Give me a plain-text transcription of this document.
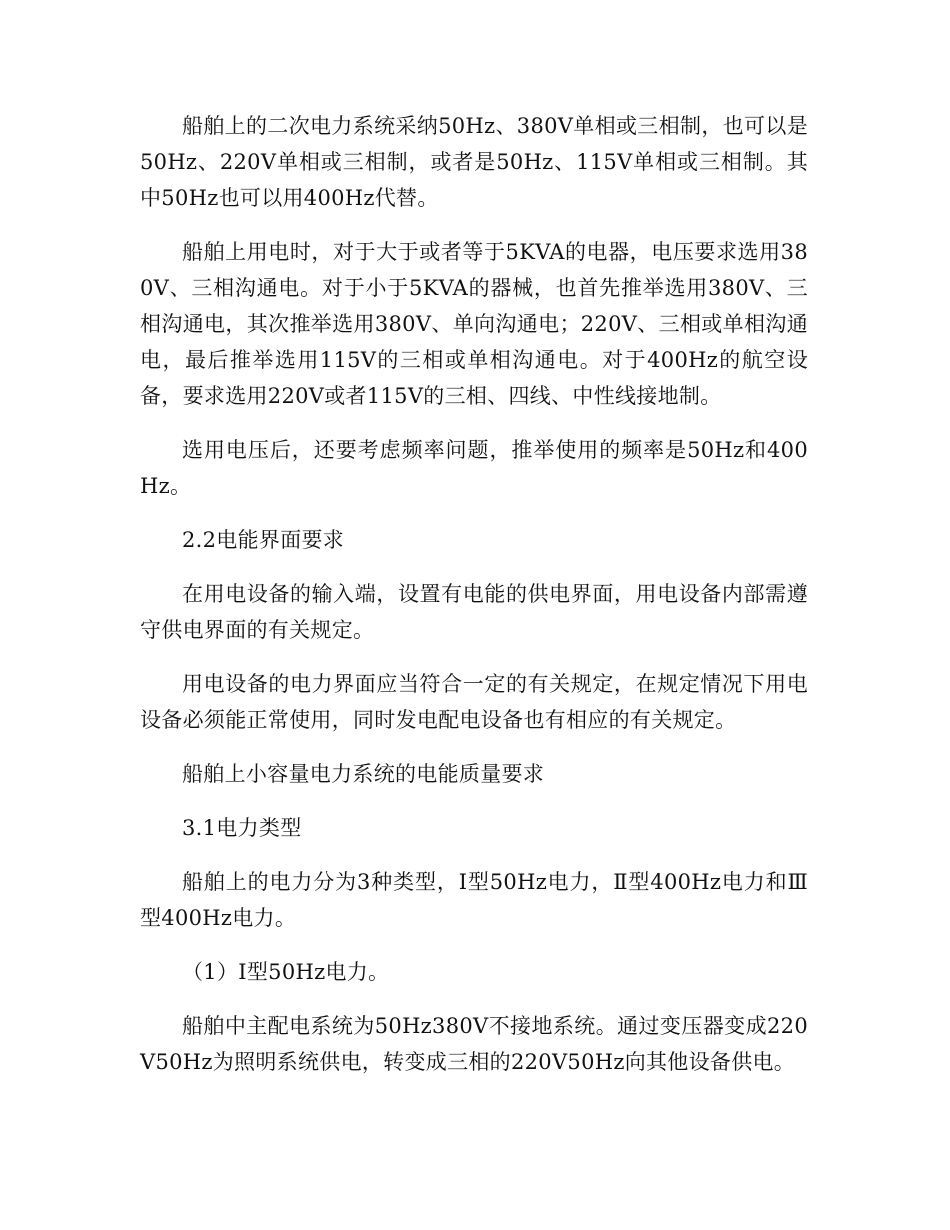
船舶上的二次电力系统采纳50Hz、380V单相或三相制，也可以是50Hz、220V单相或三相制，或者是50Hz、115V单相或三相制。其中50Hz也可以用400Hz代替。

船舶上用电时，对于大于或者等于5KVA的电器，电压要求选用380V、三相沟通电。对于小于5KVA的器械，也首先推举选用380V、三相沟通电，其次推举选用380V、单向沟通电；220V、三相或单相沟通电，最后推举选用115V的三相或单相沟通电。对于400Hz的航空设备，要求选用220V或者115V的三相、四线、中性线接地制。

选用电压后，还要考虑频率问题，推举使用的频率是50Hz和400Hz。

2.2电能界面要求

在用电设备的输入端，设置有电能的供电界面，用电设备内部需遵守供电界面的有关规定。

用电设备的电力界面应当符合一定的有关规定，在规定情况下用电设备必须能正常使用，同时发电配电设备也有相应的有关规定。

船舶上小容量电力系统的电能质量要求

3.1电力类型

船舶上的电力分为3种类型，Ⅰ型50Hz电力，Ⅱ型400Hz电力和Ⅲ型400Hz电力。

（1）Ⅰ型50Hz电力。

船舶中主配电系统为50Hz380V不接地系统。通过变压器变成220V50Hz为照明系统供电，转变成三相的220V50Hz向其他设备供电。
